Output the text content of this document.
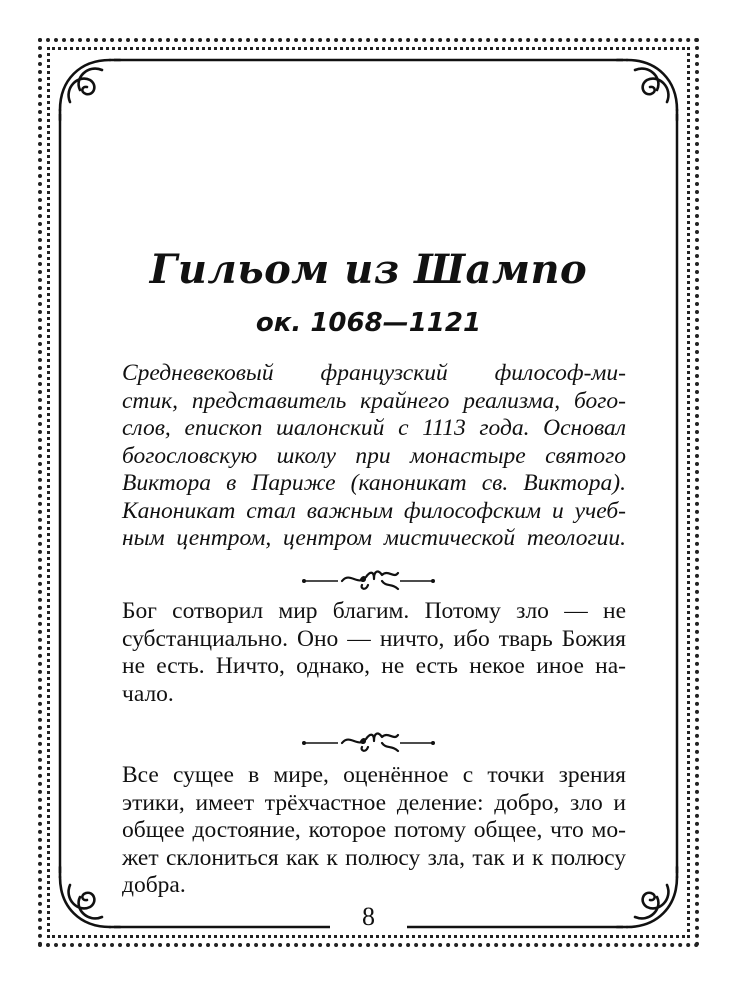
Гильом из Шампо
ок. 1068—1121
Средневековый французский философ-ми-
стик, представитель крайнего реализма, бого-
слов, епископ шалонский с 1113 года. Основал
богословскую школу при монастыре святого
Виктора в Париже (каноникат св. Виктора).
Каноникат стал важным философским и учеб-
ным центром, центром мистической теологии.
Бог сотворил мир благим. Потому зло — не
субстанциально. Оно — ничто, ибо тварь Божия
не есть. Ничто, однако, не есть некое иное на-
чало.
Все сущее в мире, оценённое с точки зрения
этики, имеет трёхчастное деление: добро, зло и
общее достояние, которое потому общее, что мо-
жет склониться как к полюсу зла, так и к полюсу
добра.
8
